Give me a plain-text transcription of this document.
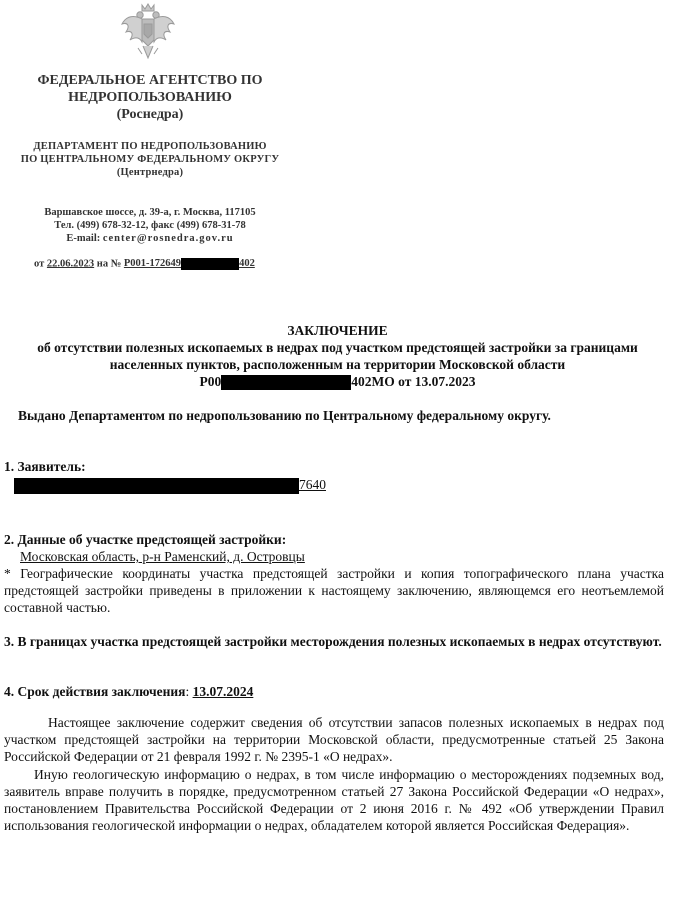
ФЕДЕРАЛЬНОЕ АГЕНТСТВО ПО
НЕДРОПОЛЬЗОВАНИЮ
(Роснедра)
ДЕПАРТАМЕНТ ПО НЕДРОПОЛЬЗОВАНИЮ
ПО ЦЕНТРАЛЬНОМУ ФЕДЕРАЛЬНОМУ ОКРУГУ
(Центрнедра)
Варшавское шоссе, д. 39-а, г. Москва, 117105
Тел. (499) 678-32-12, факс (499) 678-31-78
E-mail: center@rosnedra.gov.ru
от 22.06.2023 на № Р001-172649	402
ЗАКЛЮЧЕНИЕ
об отсутствии полезных ископаемых в недрах под участком предстоящей застройки за границами
населенных пунктов, расположенным на территории Московской области
Р00	402МО от 13.07.2023
Выдано Департаментом по недропользованию по Центральному федеральному округу.
1. Заявитель:
7640
2. Данные об участке предстоящей застройки:
Московская область, р-н Раменский, д. Островцы
* Географические координаты участка предстоящей застройки и копия топографического плана участка предстоящей застройки приведены в приложении к настоящему заключению, являющемся его неотъемлемой составной частью.
3. В границах участка предстоящей застройки месторождения полезных ископаемых в недрах отсутствуют.
4. Срок действия заключения: 13.07.2024
Настоящее заключение содержит сведения об отсутствии запасов полезных ископаемых в недрах под участком предстоящей застройки на территории Московской области, предусмотренные статьей 25 Закона Российской Федерации от 21 февраля 1992 г. № 2395-1 «О недрах».
Иную геологическую информацию о недрах, в том числе информацию о месторождениях подземных вод, заявитель вправе получить в порядке, предусмотренном статьей 27 Закона Российской Федерации «О недрах», постановлением Правительства Российской Федерации от 2 июня 2016 г. № 492 «Об утверждении Правил использования геологической информации о недрах, обладателем которой является Российская Федерация».
